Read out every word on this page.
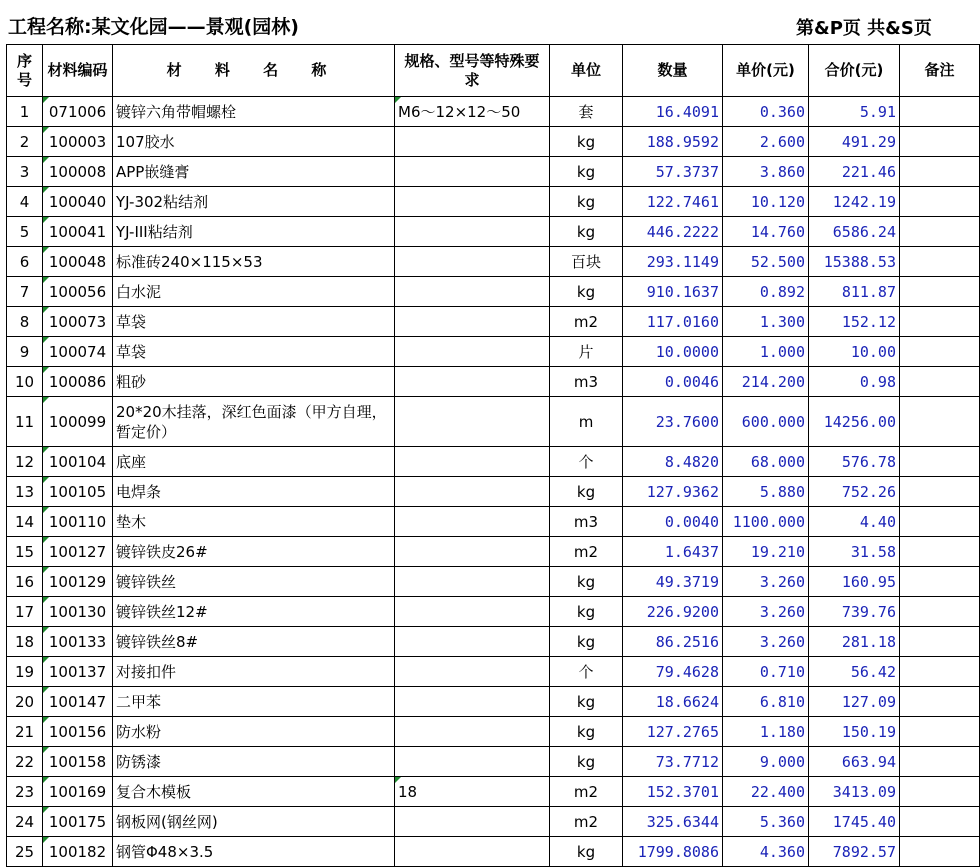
工程名称:某文化园——景观(园林)	第&P页 共&S页
序号	材料编码	材 料 名 称	规格、型号等特殊要求	单位	数量	单价(元)	合价(元)	备注
1	071006	镀锌六角带帽螺栓	M6～12×12～50	套	16.4091	0.360	5.91	
2	100003	107胶水		kg	188.9592	2.600	491.29	
3	100008	APP嵌缝膏		kg	57.3737	3.860	221.46	
4	100040	YJ-302粘结剂		kg	122.7461	10.120	1242.19	
5	100041	YJ-III粘结剂		kg	446.2222	14.760	6586.24	
6	100048	标准砖240×115×53		百块	293.1149	52.500	15388.53	
7	100056	白水泥		kg	910.1637	0.892	811.87	
8	100073	草袋		m2	117.0160	1.300	152.12	
9	100074	草袋		片	10.0000	1.000	10.00	
10	100086	粗砂		m3	0.0046	214.200	0.98	
11	100099	20*20木挂落，深红色面漆（甲方自理，暂定价）		m	23.7600	600.000	14256.00	
12	100104	底座		个	8.4820	68.000	576.78	
13	100105	电焊条		kg	127.9362	5.880	752.26	
14	100110	垫木		m3	0.0040	1100.000	4.40	
15	100127	镀锌铁皮26#		m2	1.6437	19.210	31.58	
16	100129	镀锌铁丝		kg	49.3719	3.260	160.95	
17	100130	镀锌铁丝12#		kg	226.9200	3.260	739.76	
18	100133	镀锌铁丝8#		kg	86.2516	3.260	281.18	
19	100137	对接扣件		个	79.4628	0.710	56.42	
20	100147	二甲苯		kg	18.6624	6.810	127.09	
21	100156	防水粉		kg	127.2765	1.180	150.19	
22	100158	防锈漆		kg	73.7712	9.000	663.94	
23	100169	复合木模板	18	m2	152.3701	22.400	3413.09	
24	100175	钢板网(钢丝网)		m2	325.6344	5.360	1745.40	
25	100182	钢管Φ48×3.5		kg	1799.8086	4.360	7892.57	
